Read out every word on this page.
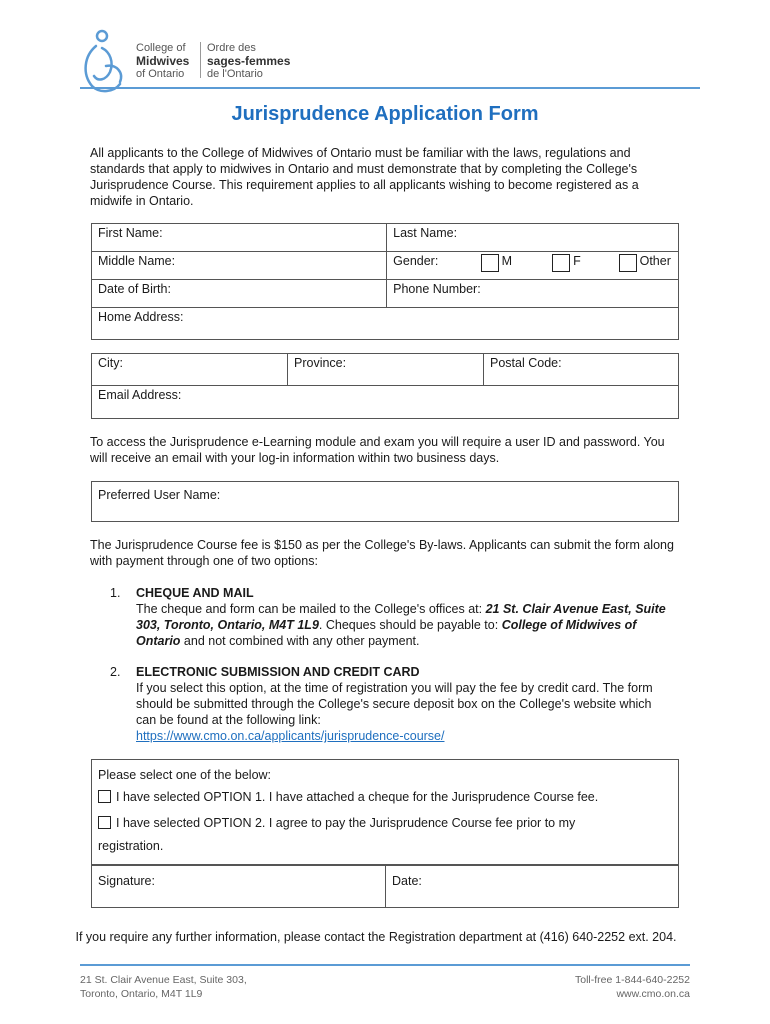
College of
Midwives
of Ontario
Ordre des
sages-femmes
de l'Ontario
Jurisprudence Application Form

All applicants to the College of Midwives of Ontario must be familiar with the laws, regulations and standards that apply to midwives in Ontario and must demonstrate that by completing the College's Jurisprudence Course. This requirement applies to all applicants wishing to become registered as a midwife in Ontario.

First Name:	Last Name:
Middle Name:	Gender: M F Other
Date of Birth:	Phone Number:
Home Address:	
City:	Province:	Postal Code:
Email Address:

To access the Jurisprudence e-Learning module and exam you will require a user ID and password. You will receive an email with your log-in information within two business days.

Preferred User Name:

The Jurisprudence Course fee is $150 as per the College's By-laws. Applicants can submit the form along with payment through one of two options:

1. CHEQUE AND MAIL
The cheque and form can be mailed to the College's offices at: 21 St. Clair Avenue East, Suite 303, Toronto, Ontario, M4T 1L9. Cheques should be payable to: College of Midwives of Ontario and not combined with any other payment.
2. ELECTRONIC SUBMISSION AND CREDIT CARD
If you select this option, at the time of registration you will pay the fee by credit card. The form should be submitted through the College's secure deposit box on the College's website which can be found at the following link:
https://www.cmo.on.ca/applicants/jurisprudence-course/
Please select one of the below:
I have selected OPTION 1. I have attached a cheque for the Jurisprudence Course fee.
I have selected OPTION 2. I agree to pay the Jurisprudence Course fee prior to my
registration.
Signature:	Date:
If you require any further information, please contact the Registration department at (416) 640-2252 ext. 204.
21 St. Clair Avenue East, Suite 303,
Toronto, Ontario, M4T 1L9
Toll-free 1-844-640-2252
www.cmo.on.ca
